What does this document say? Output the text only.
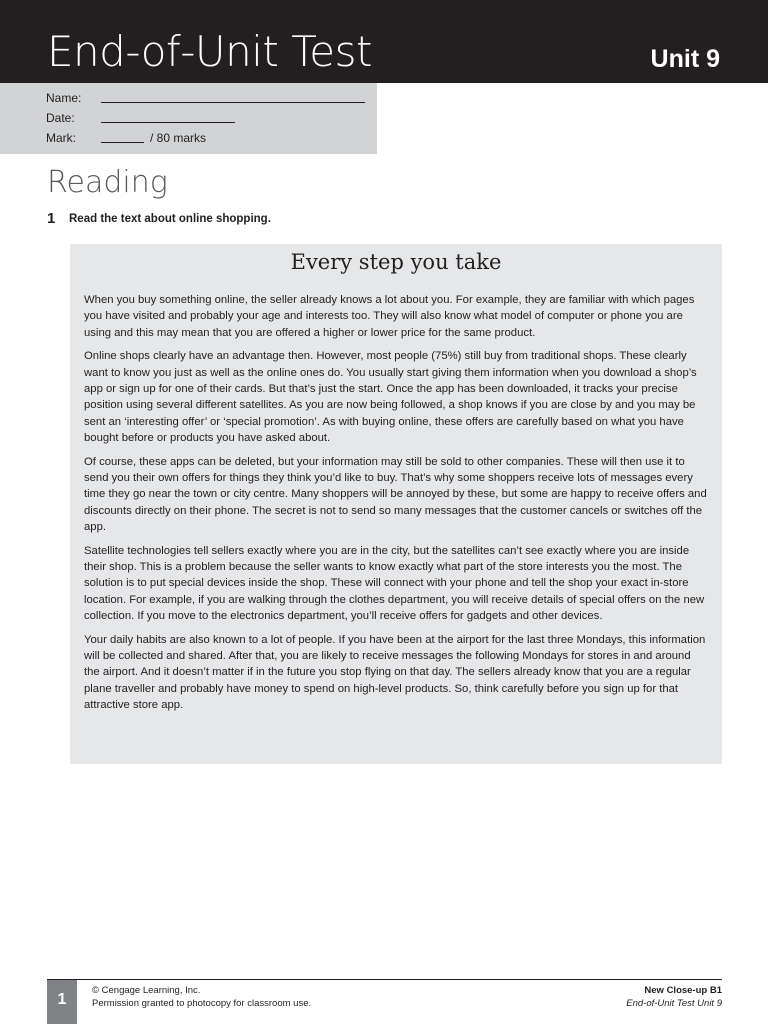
End-of-Unit Test	Unit 9
Name:
Date:
Mark:	/ 80 marks
Reading
1 Read the text about online shopping.
Every step you take

When you buy something online, the seller already knows a lot about you. For example, they are familiar with which pages you have visited and probably your age and interests too. They will also know what model of computer or phone you are using and this may mean that you are offered a higher or lower price for the same product.

Online shops clearly have an advantage then. However, most people (75%) still buy from traditional shops. These clearly want to know you just as well as the online ones do. You usually start giving them information when you download a shop’s app or sign up for one of their cards. But that’s just the start. Once the app has been downloaded, it tracks your precise position using several different satellites. As you are now being followed, a shop knows if you are close by and you may be sent an ‘interesting offer’ or ‘special promotion’. As with buying online, these offers are carefully based on what you have bought before or products you have asked about.

Of course, these apps can be deleted, but your information may still be sold to other companies. These will then use it to send you their own offers for things they think you’d like to buy. That’s why some shoppers receive lots of messages every time they go near the town or city centre. Many shoppers will be annoyed by these, but some are happy to receive offers and discounts directly on their phone. The secret is not to send so many messages that the customer cancels or switches off the app.

Satellite technologies tell sellers exactly where you are in the city, but the satellites can’t see exactly where you are inside their shop. This is a problem because the seller wants to know exactly what part of the store interests you the most. The solution is to put special devices inside the shop. These will connect with your phone and tell the shop your exact in-store location. For example, if you are walking through the clothes department, you will receive details of special offers on the new collection. If you move to the electronics department, you’ll receive offers for gadgets and other devices.

Your daily habits are also known to a lot of people. If you have been at the airport for the last three Mondays, this information will be collected and shared. After that, you are likely to receive messages the following Mondays for stores in and around the airport. And it doesn’t matter if in the future you stop flying on that day. The sellers already know that you are a regular plane traveller and probably have money to spend on high-level products. So, think carefully before you sign up for that attractive store app.

1
© Cengage Learning, Inc.
Permission granted to photocopy for classroom use.
New Close-up B1
End-of-Unit Test Unit 9
